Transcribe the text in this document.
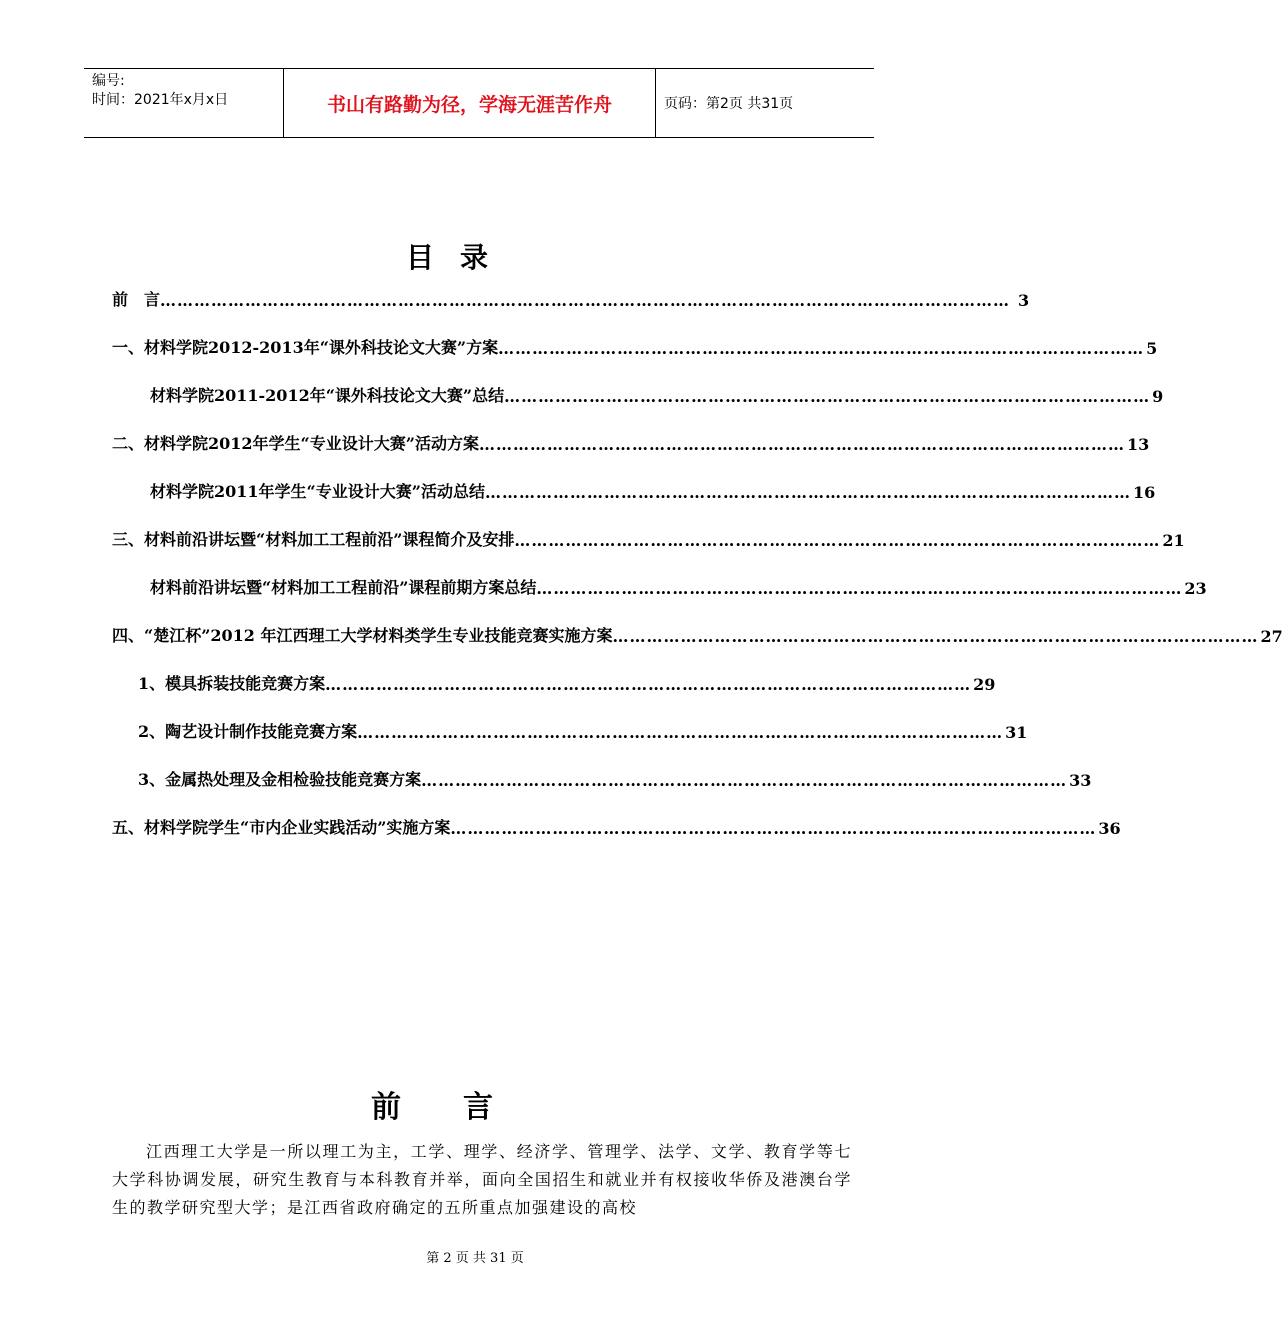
编号:
时间：2021年x月x日	书山有路勤为径，学海无涯苦作舟	页码：第2页 共31页
目录
前　言 …………………………………………………………………………………………………………………………………… 3
一、材料学院2012-2013年“课外科技论文大赛”方案 …………………………………………………………………………………………………… 5
材料学院2011-2012年“课外科技论文大赛”总结 …………………………………………………………………………………………………… 9
二、材料学院2012年学生“专业设计大赛”活动方案 …………………………………………………………………………………………………… 13
材料学院2011年学生“专业设计大赛”活动总结 …………………………………………………………………………………………………… 16
三、材料前沿讲坛暨“材料加工工程前沿”课程简介及安排 …………………………………………………………………………………………………… 21
材料前沿讲坛暨“材料加工工程前沿”课程前期方案总结 …………………………………………………………………………………………………… 23
四、“楚江杯”2012 年江西理工大学材料类学生专业技能竞赛实施方案 …………………………………………………………………………………………………… 27
1、模具拆装技能竞赛方案 …………………………………………………………………………………………………… 29
2、陶艺设计制作技能竞赛方案 …………………………………………………………………………………………………… 31
3、金属热处理及金相检验技能竞赛方案 …………………………………………………………………………………………………… 33
五、材料学院学生“市内企业实践活动”实施方案 …………………………………………………………………………………………………… 36
前 言
江西理工大学是一所以理工为主，工学、理学、经济学、管理学、法学、文学、教育学等七大学科协调发展，研究生教育与本科教育并举，面向全国招生和就业并有权接收华侨及港澳台学生的教学研究型大学；是江西省政府确定的五所重点加强建设的高校
第 2 页 共 31 页
